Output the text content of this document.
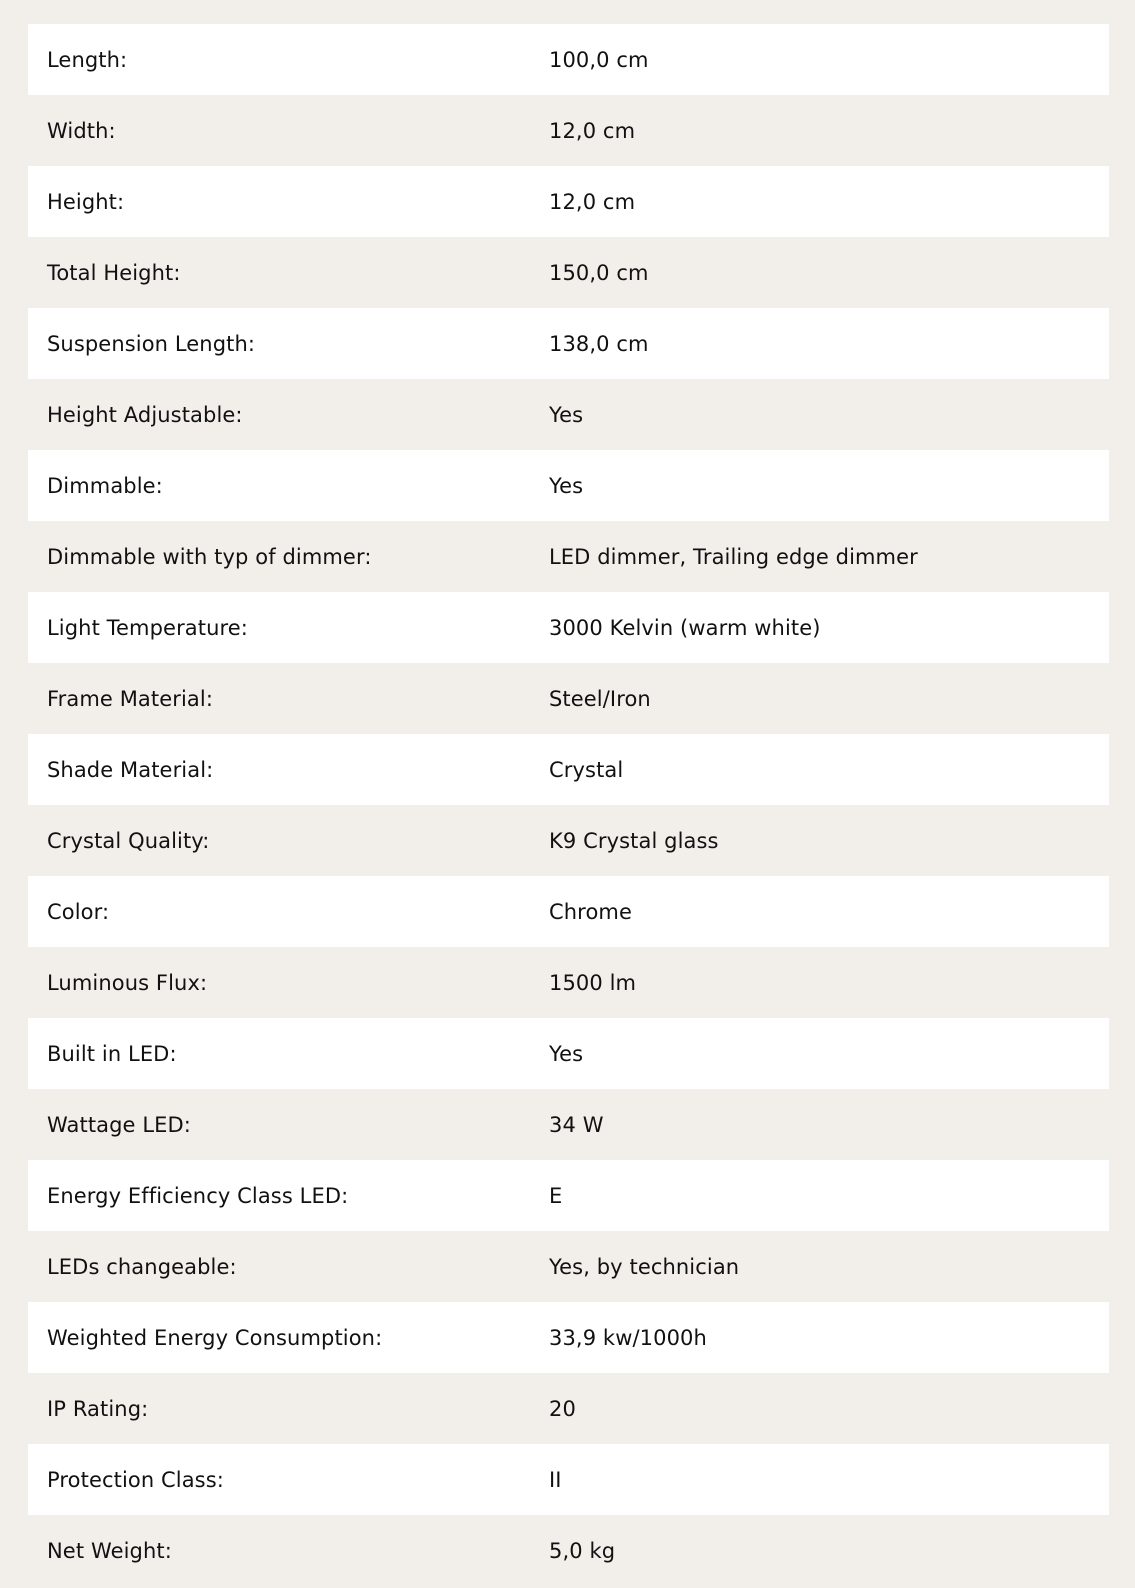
Length:	100,0 cm
Width:	12,0 cm
Height:	12,0 cm
Total Height:	150,0 cm
Suspension Length:	138,0 cm
Height Adjustable:	Yes
Dimmable:	Yes
Dimmable with typ of dimmer:	LED dimmer, Trailing edge dimmer
Light Temperature:	3000 Kelvin (warm white)
Frame Material:	Steel/Iron
Shade Material:	Crystal
Crystal Quality:	K9 Crystal glass
Color:	Chrome
Luminous Flux:	1500 lm
Built in LED:	Yes
Wattage LED:	34 W
Energy Efficiency Class LED:	E
LEDs changeable:	Yes, by technician
Weighted Energy Consumption:	33,9 kw/1000h
IP Rating:	20
Protection Class:	II
Net Weight:	5,0 kg
